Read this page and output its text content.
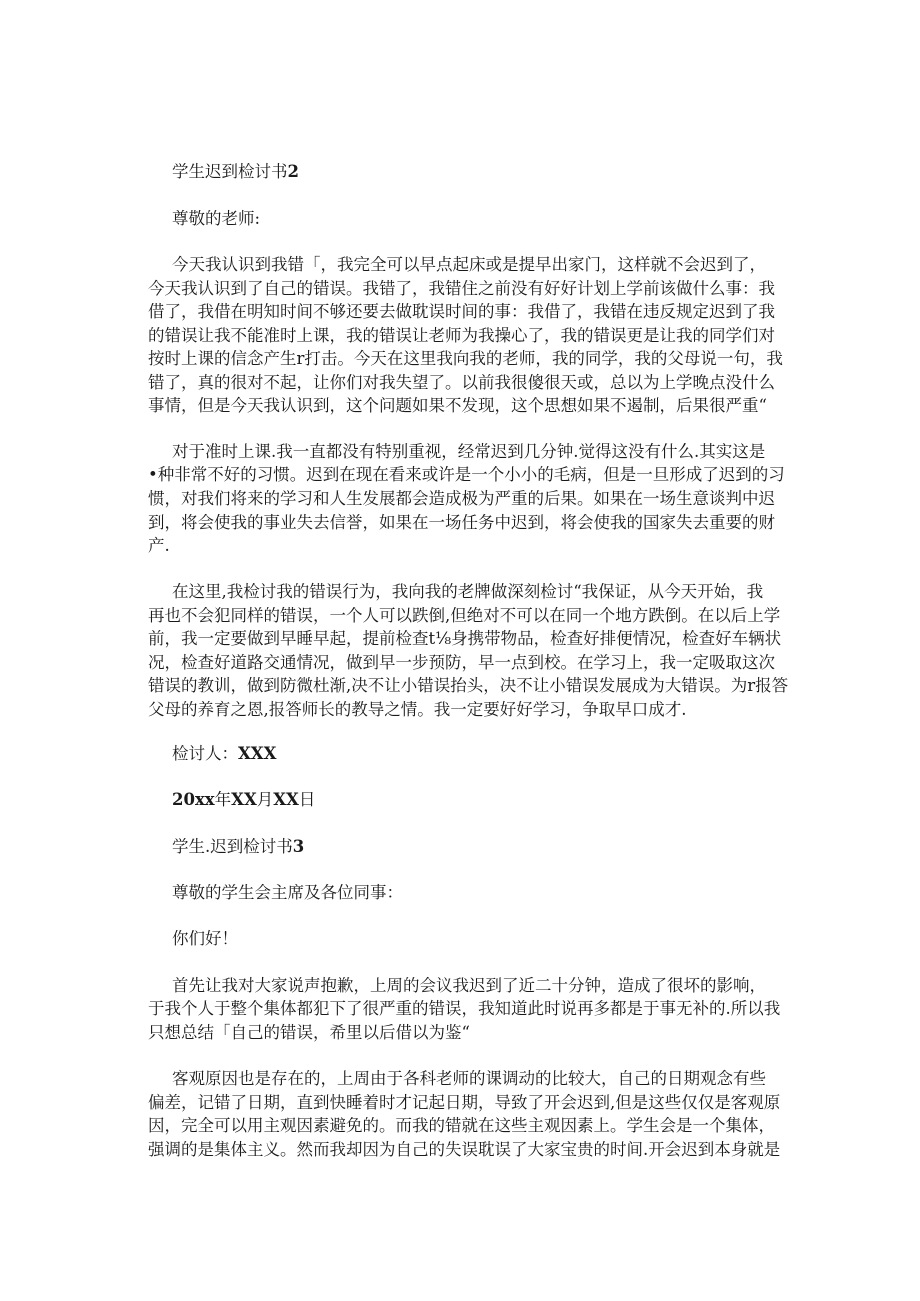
学生迟到检讨书2
尊敬的老师:
今天我认识到我错「，我完全可以早点起床或是提早出家门，这样就不会迟到了，
今天我认识到了自己的错误。我错了，我错住之前没有好好计划上学前该做什么事：我
借了，我借在明知时间不够还要去做耽误时间的事：我借了，我错在违反规定迟到了我
的错误让我不能准时上课，我的错误让老师为我操心了，我的错误更是让我的同学们对
按时上课的信念产生r打击。今天在这里我向我的老师，我的同学，我的父母说一句，我
错了，真的很对不起，让你们对我失望了。以前我很傻很天或，总以为上学晚点没什么
事情，但是今天我认识到，这个问题如果不发现，这个思想如果不遏制，后果很严重“
对于准时上课.我一直都没有特别重视，经常迟到几分钟.觉得这没有什么.其实这是
•种非常不好的习惯。迟到在现在看来或许是一个小小的毛病，但是一旦形成了迟到的习
惯，对我们将来的学习和人生发展都会造成极为严重的后果。如果在一场生意谈判中迟
到，将会使我的事业失去信誉，如果在一场任务中迟到，将会使我的国家失去重要的财
产.
在这里,我检讨我的错误行为，我向我的老牌做深刻检讨“我保证，从今天开始，我
再也不会犯同样的错误，一个人可以跌倒,但绝对不可以在同一个地方跌倒。在以后上学
前，我一定要做到早睡早起，提前检查t⅛身携带物品，检查好排便情况，检查好车辆状
况，检查好道路交通情况，做到早一步预防，早一点到校。在学习上，我一定吸取这次
错误的教训，做到防微杜渐,决不让小错误抬头，决不让小错误发展成为大错误。为r报答
父母的养育之恩,报答师长的教导之情。我一定要好好学习，争取早口成才.
检讨人：XXX
20xx年XX月XX日
学生.迟到检讨书3
尊敬的学生会主席及各位同事：
你们好！
首先让我对大家说声抱歉，上周的会议我迟到了近二十分钟，造成了很坏的影响，
于我个人于整个集体都犯下了很严重的错误，我知道此时说再多都是于事无补的.所以我
只想总结「自己的错误，希里以后借以为鉴“
客观原因也是存在的，上周由于各科老师的课调动的比较大，自己的日期观念有些
偏差，记错了日期，直到快睡着时才记起日期，导致了开会迟到,但是这些仅仅是客观原
因，完全可以用主观因素避免的。而我的错就在这些主观因素上。学生会是一个集体，
强调的是集体主义。然而我却因为自己的失误耽误了大家宝贵的时间.开会迟到本身就是
